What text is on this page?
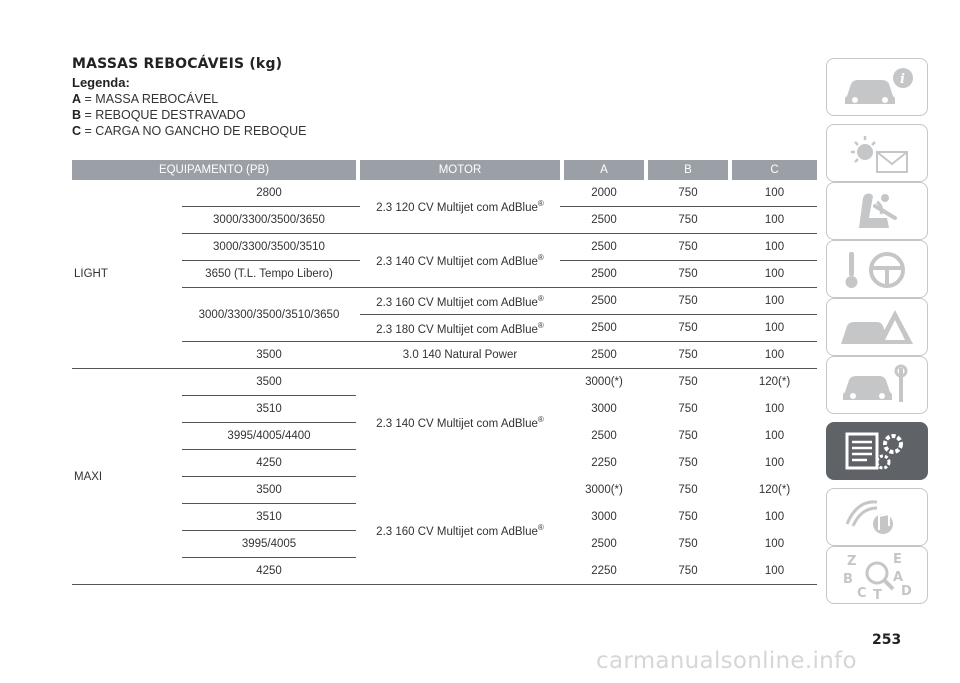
MASSAS REBOCÁVEIS (kg)
Legenda:
A = MASSA REBOCÁVEL
B = REBOQUE DESTRAVADO
C = CARGA NO GANCHO DE REBOQUE
EQUIPAMENTO (PB)			MOTOR		A		B		C
LIGHT	2800		2.3 120 CV Multijet com AdBlue®		2000		750		100
	3000/3300/3500/3650				2500		750		100
	3000/3300/3500/3510		2.3 140 CV Multijet com AdBlue®		2500		750		100
	3650 (T.L. Tempo Libero)				2500		750		100
	3000/3300/3500/3510/3650		2.3 160 CV Multijet com AdBlue®		2500		750		100
			2.3 180 CV Multijet com AdBlue®		2500		750		100
	3500		3.0 140 Natural Power		2500		750		100
MAXI	3500		2.3 140 CV Multijet com AdBlue®		3000(*)		750		120(*)
	3510				3000		750		100
	3995/4005/4400				2500		750		100
	4250				2250		750		100
	3500		2.3 160 CV Multijet com AdBlue®		3000(*)		750		120(*)
	3510				3000		750		100
	3995/4005				2500		750		100
	4250				2250		750		100
i
Z	E
B	A
C T D
253
carmanualsonline.info
